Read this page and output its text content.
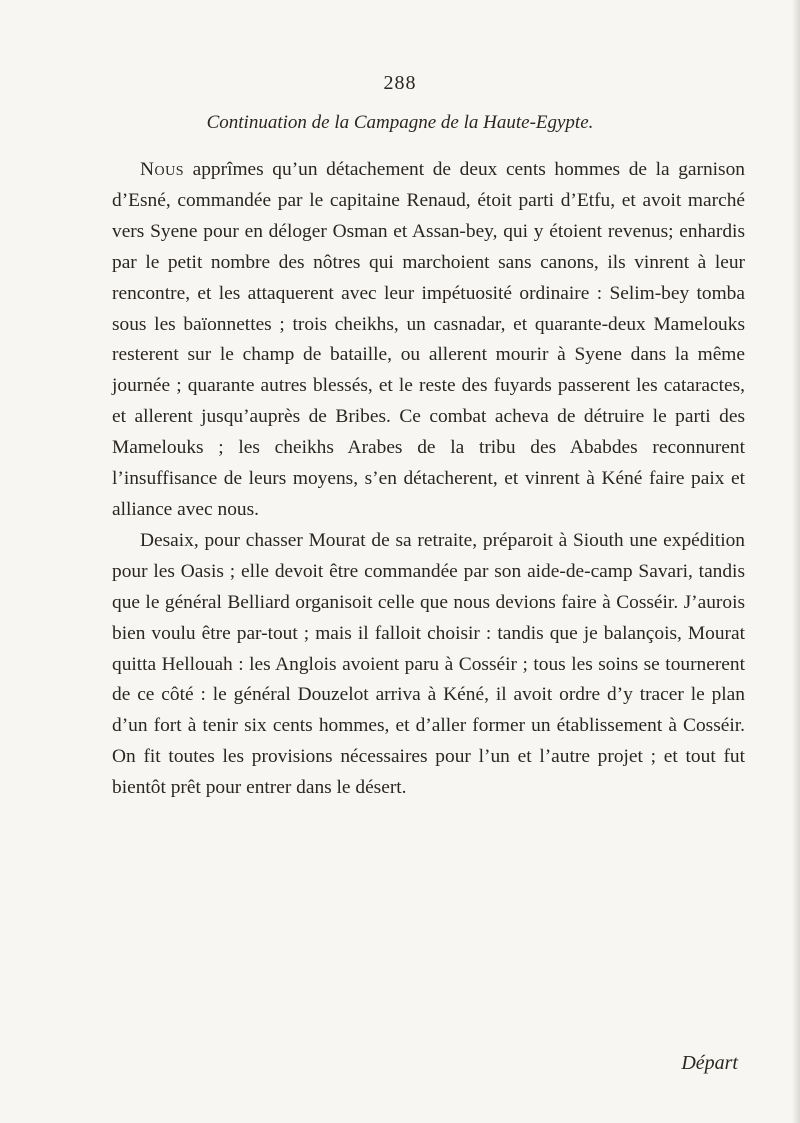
288
Continuation de la Campagne de la Haute-Egypte.

Nous apprîmes qu’un détachement de deux cents hommes de la garnison d’Esné, commandée par le capitaine Renaud, étoit parti d’Etfu, et avoit marché vers Syene pour en déloger Osman et Assan-bey, qui y étoient revenus; enhardis par le petit nombre des nôtres qui marchoient sans canons, ils vinrent à leur rencontre, et les attaquerent avec leur impétuosité ordinaire : Selim-bey tomba sous les baïonnettes ; trois cheikhs, un casnadar, et quarante-deux Mamelouks resterent sur le champ de bataille, ou allerent mourir à Syene dans la même journée ; quarante autres blessés, et le reste des fuyards passerent les cataractes, et allerent jusqu’auprès de Bribes. Ce combat acheva de détruire le parti des Mamelouks ; les cheikhs Arabes de la tribu des Ababdes reconnurent l’insuffisance de leurs moyens, s’en détacherent, et vinrent à Kéné faire paix et alliance avec nous.

Desaix, pour chasser Mourat de sa retraite, préparoit à Siouth une expédition pour les Oasis ; elle devoit être commandée par son aide-de-camp Savari, tandis que le général Belliard organisoit celle que nous devions faire à Cosséir. J’aurois bien voulu être par-tout ; mais il falloit choisir : tandis que je balançois, Mourat quitta Hellouah : les Anglois avoient paru à Cosséir ; tous les soins se tournerent de ce côté : le général Douzelot arriva à Kéné, il avoit ordre d’y tracer le plan d’un fort à tenir six cents hommes, et d’aller former un établissement à Cosséir. On fit toutes les provisions nécessaires pour l’un et l’autre projet ; et tout fut bientôt prêt pour entrer dans le désert.

Départ
